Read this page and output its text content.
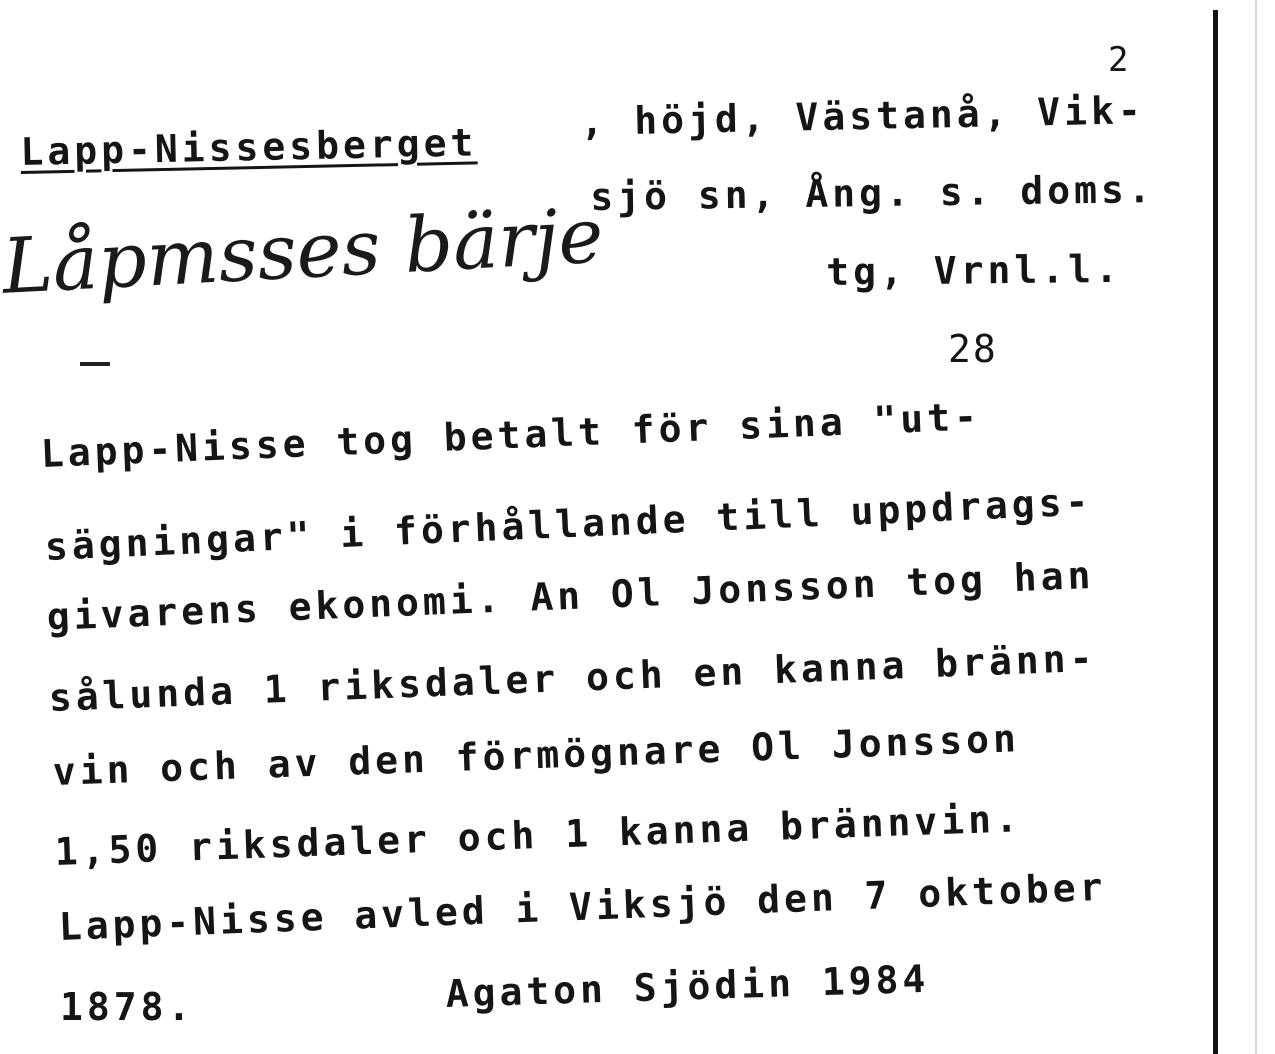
2
Lapp-Nissesberget
, höjd, Västanå, Vik-
sjö sn, Ång. s. doms.
tg, Vrnl.l.
28
Låpmsses bärje
Lapp-Nisse tog betalt för sina "ut-
sägningar" i förhållande till uppdrags-
givarens ekonomi. An Ol Jonsson tog han
sålunda 1 riksdaler och en kanna bränn-
vin och av den förmögnare Ol Jonsson
1,50 riksdaler och 1 kanna brännvin.
Lapp-Nisse avled i Viksjö den 7 oktober
1878.	Agaton Sjödin 1984
